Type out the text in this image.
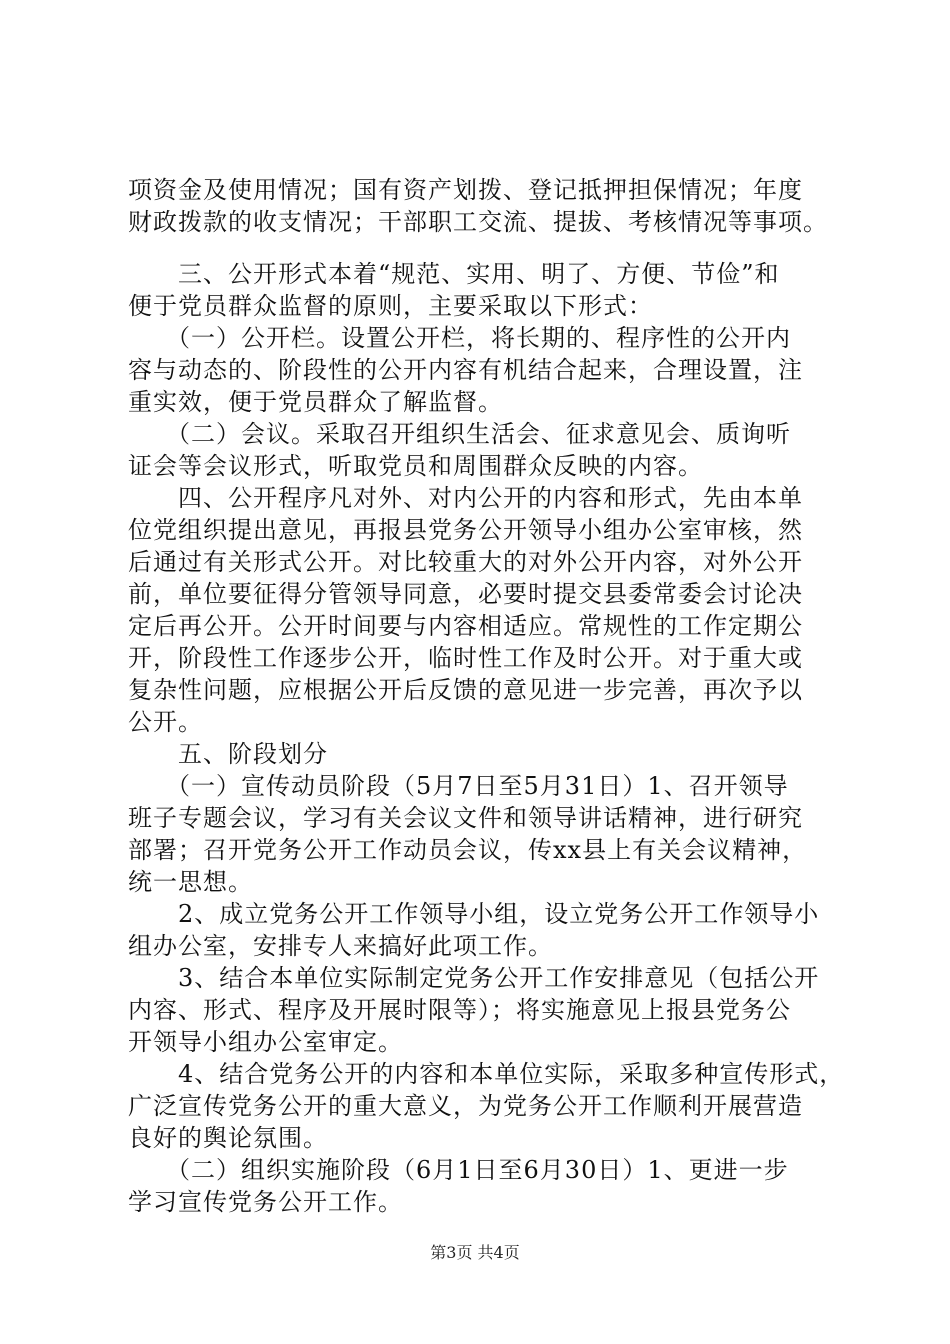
项资金及使用情况；国有资产划拨、登记抵押担保情况；年度
财政拨款的收支情况；干部职工交流、提拔、考核情况等事项。
　　三、公开形式本着“规范、实用、明了、方便、节俭”和
便于党员群众监督的原则，主要采取以下形式：
　　（一）公开栏。设置公开栏，将长期的、程序性的公开内
容与动态的、阶段性的公开内容有机结合起来，合理设置，注
重实效，便于党员群众了解监督。
　　（二）会议。采取召开组织生活会、征求意见会、质询听
证会等会议形式，听取党员和周围群众反映的内容。
　　四、公开程序凡对外、对内公开的内容和形式，先由本单
位党组织提出意见，再报县党务公开领导小组办公室审核，然
后通过有关形式公开。对比较重大的对外公开内容，对外公开
前，单位要征得分管领导同意，必要时提交县委常委会讨论决
定后再公开。公开时间要与内容相适应。常规性的工作定期公
开，阶段性工作逐步公开，临时性工作及时公开。对于重大或
复杂性问题，应根据公开后反馈的意见进一步完善，再次予以
公开。
　　五、阶段划分
　　（一）宣传动员阶段（5月7日至5月31日）1、召开领导
班子专题会议，学习有关会议文件和领导讲话精神，进行研究
部署；召开党务公开工作动员会议，传xx县上有关会议精神，
统一思想。
　　2、成立党务公开工作领导小组，设立党务公开工作领导小
组办公室，安排专人来搞好此项工作。
　　3、结合本单位实际制定党务公开工作安排意见（包括公开
内容、形式、程序及开展时限等）；将实施意见上报县党务公
开领导小组办公室审定。
　　4、结合党务公开的内容和本单位实际，采取多种宣传形式，
广泛宣传党务公开的重大意义，为党务公开工作顺利开展营造
良好的舆论氛围。
　　（二）组织实施阶段（6月1日至6月30日）1、更进一步
学习宣传党务公开工作。
第3页 共4页
